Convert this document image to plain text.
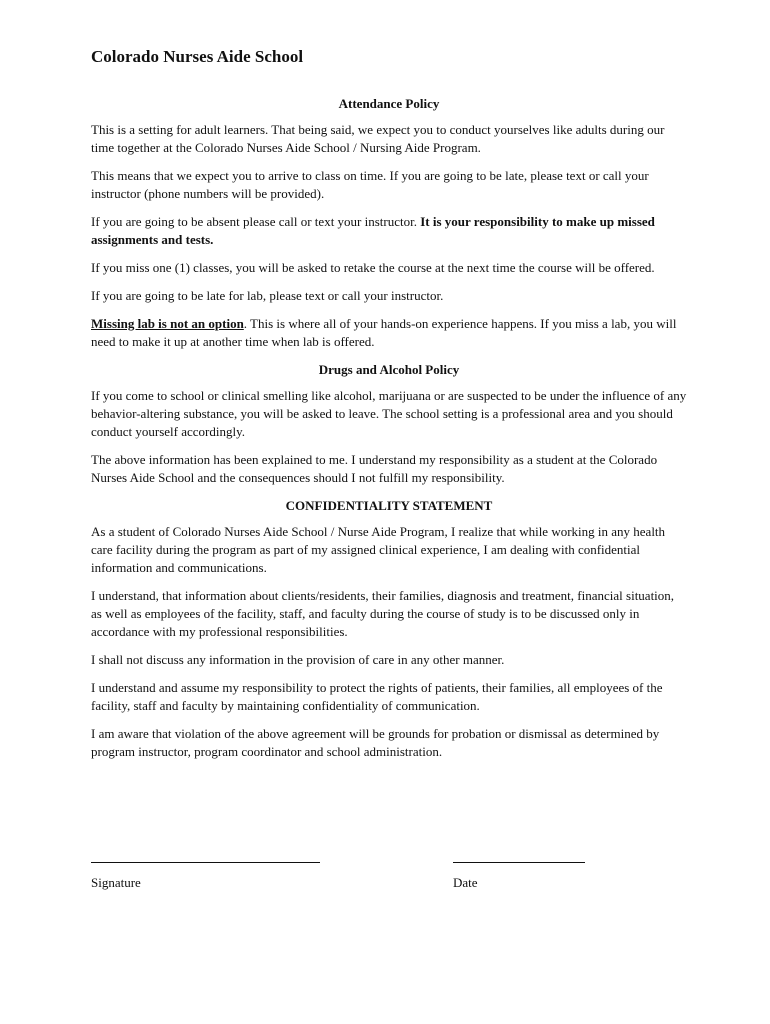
Colorado Nurses Aide School
Attendance Policy

This is a setting for adult learners. That being said, we expect you to conduct yourselves like adults during our time together at the Colorado Nurses Aide School / Nursing Aide Program.

This means that we expect you to arrive to class on time. If you are going to be late, please text or call your instructor (phone numbers will be provided).

If you are going to be absent please call or text your instructor. It is your responsibility to make up missed assignments and tests.

If you miss one (1) classes, you will be asked to retake the course at the next time the course will be offered.

If you are going to be late for lab, please text or call your instructor.

Missing lab is not an option. This is where all of your hands-on experience happens. If you miss a lab, you will need to make it up at another time when lab is offered.

Drugs and Alcohol Policy

If you come to school or clinical smelling like alcohol, marijuana or are suspected to be under the influence of any behavior-altering substance, you will be asked to leave. The school setting is a professional area and you should conduct yourself accordingly.

The above information has been explained to me. I understand my responsibility as a student at the Colorado Nurses Aide School and the consequences should I not fulfill my responsibility.

CONFIDENTIALITY STATEMENT

As a student of Colorado Nurses Aide School / Nurse Aide Program, I realize that while working in any health care facility during the program as part of my assigned clinical experience, I am dealing with confidential information and communications.

I understand, that information about clients/residents, their families, diagnosis and treatment, financial situation, as well as employees of the facility, staff, and faculty during the course of study is to be discussed only in accordance with my professional responsibilities.

I shall not discuss any information in the provision of care in any other manner.

I understand and assume my responsibility to protect the rights of patients, their families, all employees of the facility, staff and faculty by maintaining confidentiality of communication.

I am aware that violation of the above agreement will be grounds for probation or dismissal as determined by program instructor, program coordinator and school administration.

Signature	Date
